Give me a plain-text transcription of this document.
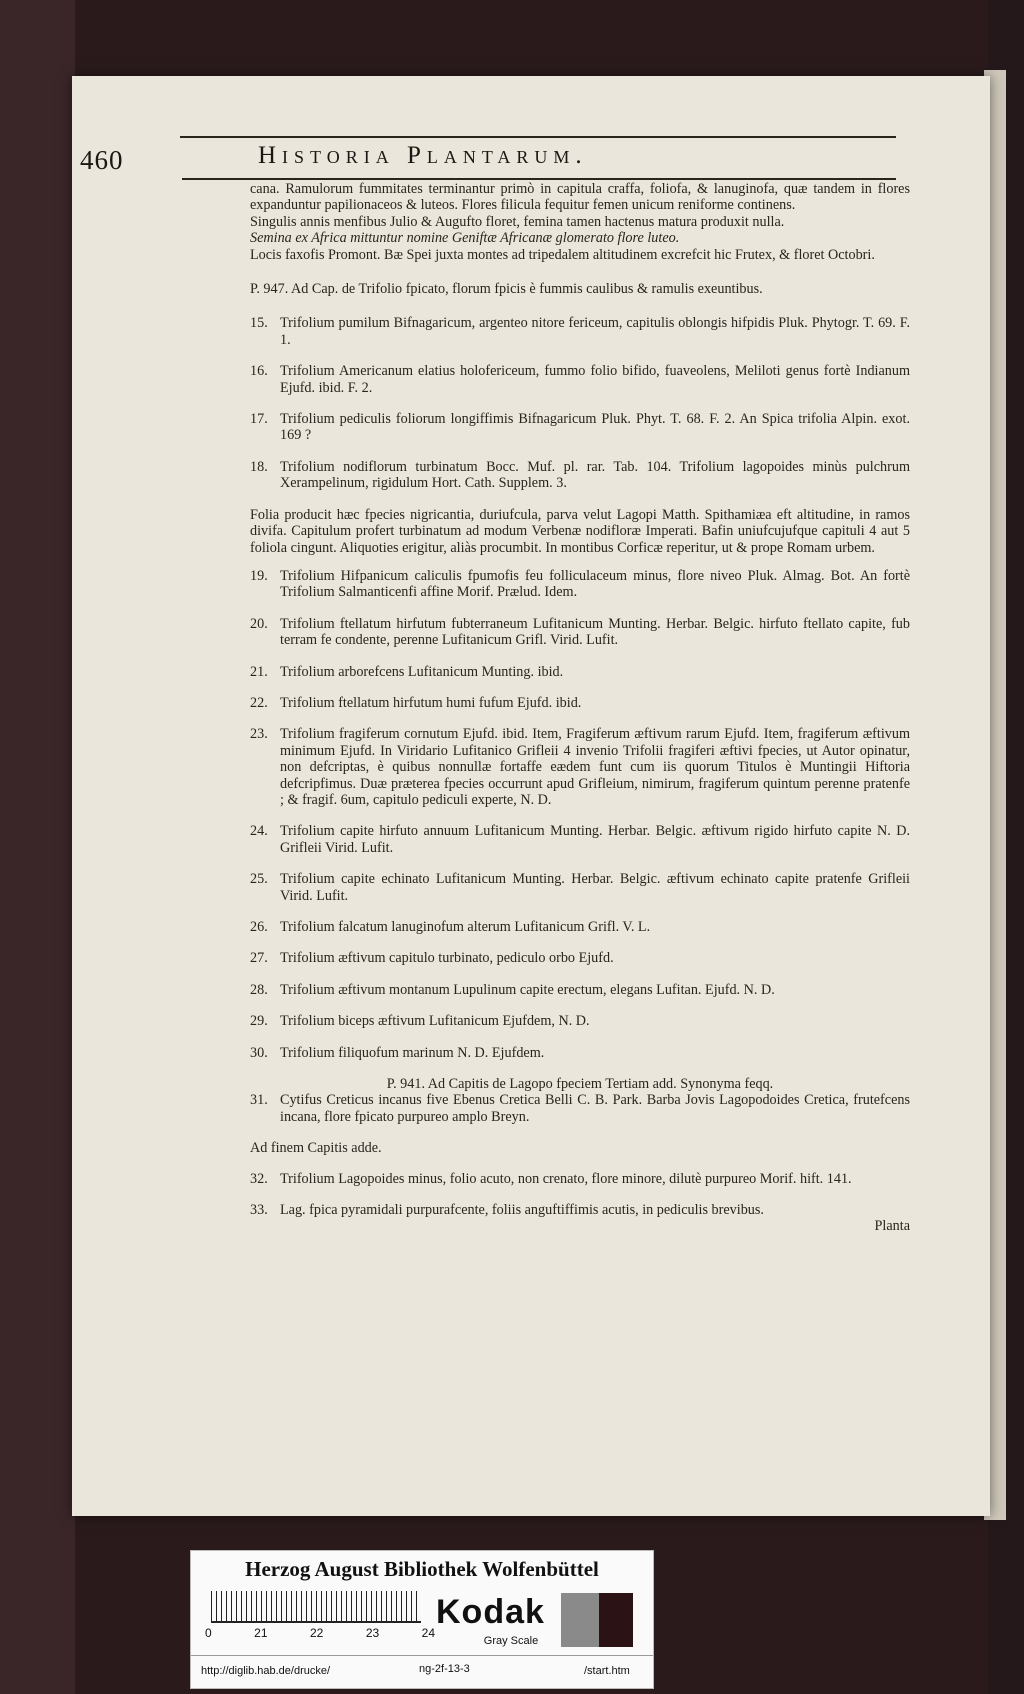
460	Historia Plantarum.

cana. Ramulorum fummitates terminantur primò in capitula craffa, foliofa, & lanuginofa, quæ tandem in flores expanduntur papilionaceos & luteos. Flores filicula fequitur femen unicum reniforme continens.

Singulis annis menfibus Julio & Augufto floret, femina tamen hactenus matura produxit nulla.

Semina ex Africa mittuntur nomine Geniftæ Africanæ glomerato flore luteo.

Locis faxofis Promont. Bæ Spei juxta montes ad tripedalem altitudinem excrefcit hic Frutex, & floret Octobri.

P. 947. Ad Cap. de Trifolio fpicato, florum fpicis è fummis caulibus & ramulis exeuntibus.

15. Trifolium pumilum Bifnagaricum, argenteo nitore fericeum, capitulis oblongis hifpidis Pluk. Phytogr. T. 69. F. 1.
16. Trifolium Americanum elatius holofericeum, fummo folio bifido, fuaveolens, Meliloti genus fortè Indianum Ejufd. ibid. F. 2.
17. Trifolium pediculis foliorum longiffimis Bifnagaricum Pluk. Phyt. T. 68. F. 2. An Spica trifolia Alpin. exot. 169 ?
18. Trifolium nodiflorum turbinatum Bocc. Muf. pl. rar. Tab. 104. Trifolium lagopoides minùs pulchrum Xerampelinum, rigidulum Hort. Cath. Supplem. 3.

Folia producit hæc fpecies nigricantia, duriufcula, parva velut Lagopi Matth. Spithamiæa eft altitudine, in ramos divifa. Capitulum profert turbinatum ad modum Verbenæ nodifloræ Imperati. Bafin uniufcujufque capituli 4 aut 5 foliola cingunt. Aliquoties erigitur, aliàs procumbit. In montibus Corficæ reperitur, ut & prope Romam urbem.

19. Trifolium Hifpanicum caliculis fpumofis feu folliculaceum minus, flore niveo Pluk. Almag. Bot. An fortè Trifolium Salmanticenfi affine Morif. Prælud. Idem.
20. Trifolium ftellatum hirfutum fubterraneum Lufitanicum Munting. Herbar. Belgic. hirfuto ftellato capite, fub terram fe condente, perenne Lufitanicum Grifl. Virid. Lufit.
21. Trifolium arborefcens Lufitanicum Munting. ibid.
22. Trifolium ftellatum hirfutum humi fufum Ejufd. ibid.
23. Trifolium fragiferum cornutum Ejufd. ibid. Item, Fragiferum æftivum rarum Ejufd. Item, fragiferum æftivum minimum Ejufd. In Viridario Lufitanico Grifleii 4 invenio Trifolii fragiferi æftivi fpecies, ut Autor opinatur, non defcriptas, è quibus nonnullæ fortaffe eædem funt cum iis quorum Titulos è Muntingii Hiftoria defcripfimus. Duæ præterea fpecies occurrunt apud Grifleium, nimirum, fragiferum quintum perenne pratenfe ; & fragif. 6um, capitulo pediculi experte, N. D.
24. Trifolium capite hirfuto annuum Lufitanicum Munting. Herbar. Belgic. æftivum rigido hirfuto capite N. D. Grifleii Virid. Lufit.
25. Trifolium capite echinato Lufitanicum Munting. Herbar. Belgic. æftivum echinato capite pratenfe Grifleii Virid. Lufit.
26. Trifolium falcatum lanuginofum alterum Lufitanicum Grifl. V. L.
27. Trifolium æftivum capitulo turbinato, pediculo orbo Ejufd.
28. Trifolium æftivum montanum Lupulinum capite erectum, elegans Lufitan. Ejufd. N. D.
29. Trifolium biceps æftivum Lufitanicum Ejufdem, N. D.
30. Trifolium filiquofum marinum N. D. Ejufdem.

P. 941. Ad Capitis de Lagopo fpeciem Tertiam add. Synonyma feqq.

31. Cytifus Creticus incanus five Ebenus Cretica Belli C. B. Park. Barba Jovis Lagopodoides Cretica, frutefcens incana, flore fpicato purpureo amplo Breyn.

Ad finem Capitis adde.

32. Trifolium Lagopoides minus, folio acuto, non crenato, flore minore, dilutè purpureo Morif. hift. 141.
33. Lag. fpica pyramidali purpurafcente, foliis anguftiffimis acutis, in pediculis brevibus.

Planta

Herzog August Bibliothek Wolfenbüttel
0	21	22	23	24
Kodak
Gray Scale
http://diglib.hab.de/drucke/	ng-2f-13-3	/start.htm
